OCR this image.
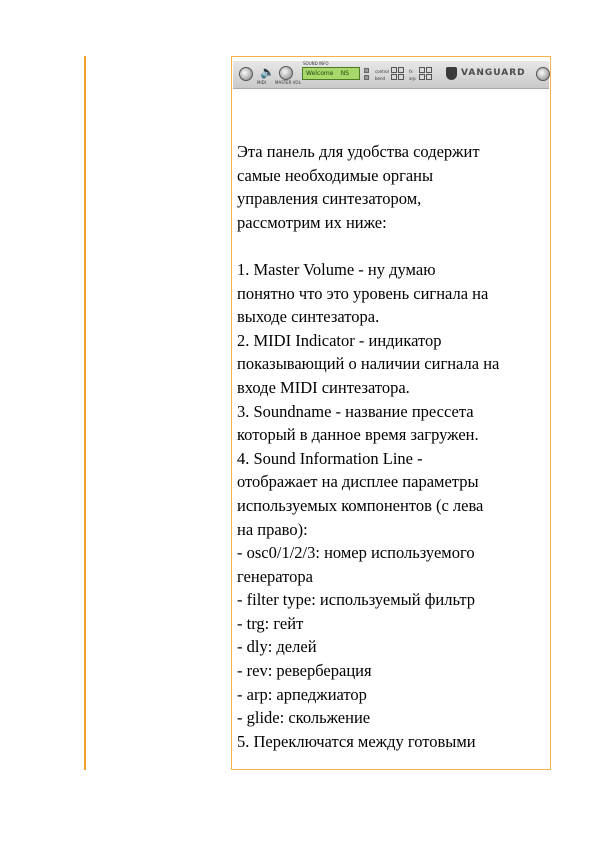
🔈
MIDI MASTER VOL
SOUND INFO
Welcome NS	control
bend
fx
arp
VANGUARD

Эта панель для удобства содержит

самые необходимые органы

управления синтезатором,

рассмотрим их ниже:

1. Master Volume - ну думаю

понятно что это уровень сигнала на

выходе синтезатора.

2. MIDI Indicator - индикатор

показывающий о наличии сигнала на

входе MIDI синтезатора.

3. Soundname - название прессета

который в данное время загружен.

4. Sound Information Line -

отображает на дисплее параметры

используемых компонентов (с лева

на право):

- osc0/1/2/3: номер используемого

генератора

- filter type: используемый фильтр

- trg: гейт

- dly: делей

- rev: реверберация

- arp: арпеджиатор

- glide: скольжение

5. Переключатся между готовыми
